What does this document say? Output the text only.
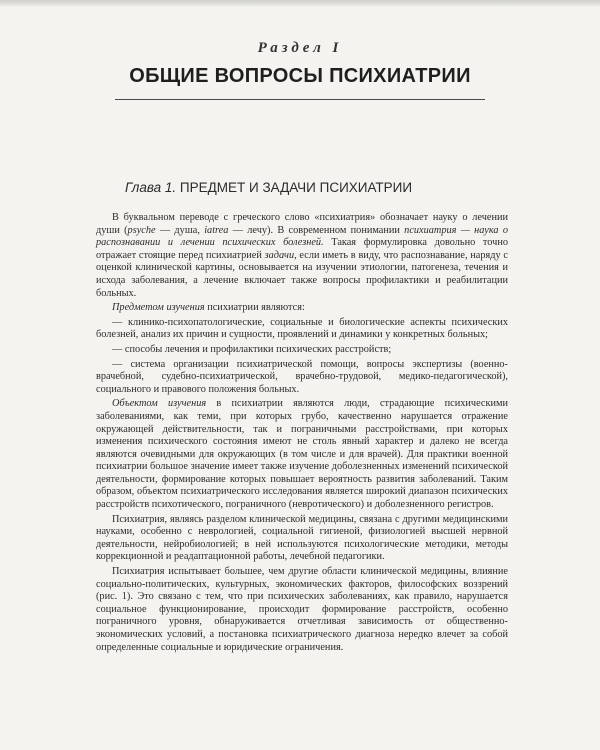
Раздел I
ОБЩИЕ ВОПРОСЫ ПСИХИАТРИИ
Глава 1. ПРЕДМЕТ И ЗАДАЧИ ПСИХИАТРИИ

В буквальном переводе с греческого слово «психиатрия» обозначает науку о лечении души (psyche — душа, iatrea — лечу). В современном понимании психиатрия — наука о распознавании и лечении психических болезней. Такая формулировка довольно точно отражает стоящие перед психиатрией задачи, если иметь в виду, что распознавание, наряду с оценкой клинической картины, основывается на изучении этиологии, патогенеза, течения и исхода заболевания, а лечение включает также вопросы профилактики и реабилитации больных.

Предметом изучения психиатрии являются:

— клинико-психопатологические, социальные и биологические аспекты психических болезней, анализ их причин и сущности, проявлений и динамики у конкретных больных;

— способы лечения и профилактики психических расстройств;

— система организации психиатрической помощи, вопросы экспертизы (военно-врачебной, судебно-психиатрической, врачебно-трудовой, медико-педагогической), социального и правового положения больных.

Объектом изучения в психиатрии являются люди, страдающие психическими заболеваниями, как теми, при которых грубо, качественно нарушается отражение окружающей действительности, так и пограничными расстройствами, при которых изменения психического состояния имеют не столь явный характер и далеко не всегда являются очевидными для окружающих (в том числе и для врачей). Для практики военной психиатрии большое значение имеет также изучение доболезненных изменений психической деятельности, формирование которых повышает вероятность развития заболеваний. Таким образом, объектом психиатрического исследования является широкий диапазон психических расстройств психотического, пограничного (невротического) и доболезненного регистров.

Психиатрия, являясь разделом клинической медицины, связана с другими медицинскими науками, особенно с неврологией, социальной гигиеной, физиологией высшей нервной деятельности, нейробиологией; в ней используются психологические методики, методы коррекционной и реадаптационной работы, лечебной педагогики.

Психиатрия испытывает большее, чем другие области клинической медицины, влияние социально-политических, культурных, экономических факторов, философских воззрений (рис. 1). Это связано с тем, что при психических заболеваниях, как правило, нарушается социальное функционирование, происходит формирование расстройств, особенно пограничного уровня, обнаруживается отчетливая зависимость от общественно-экономических условий, а постановка психиатрического диагноза нередко влечет за собой определенные социальные и юридические ограничения.
